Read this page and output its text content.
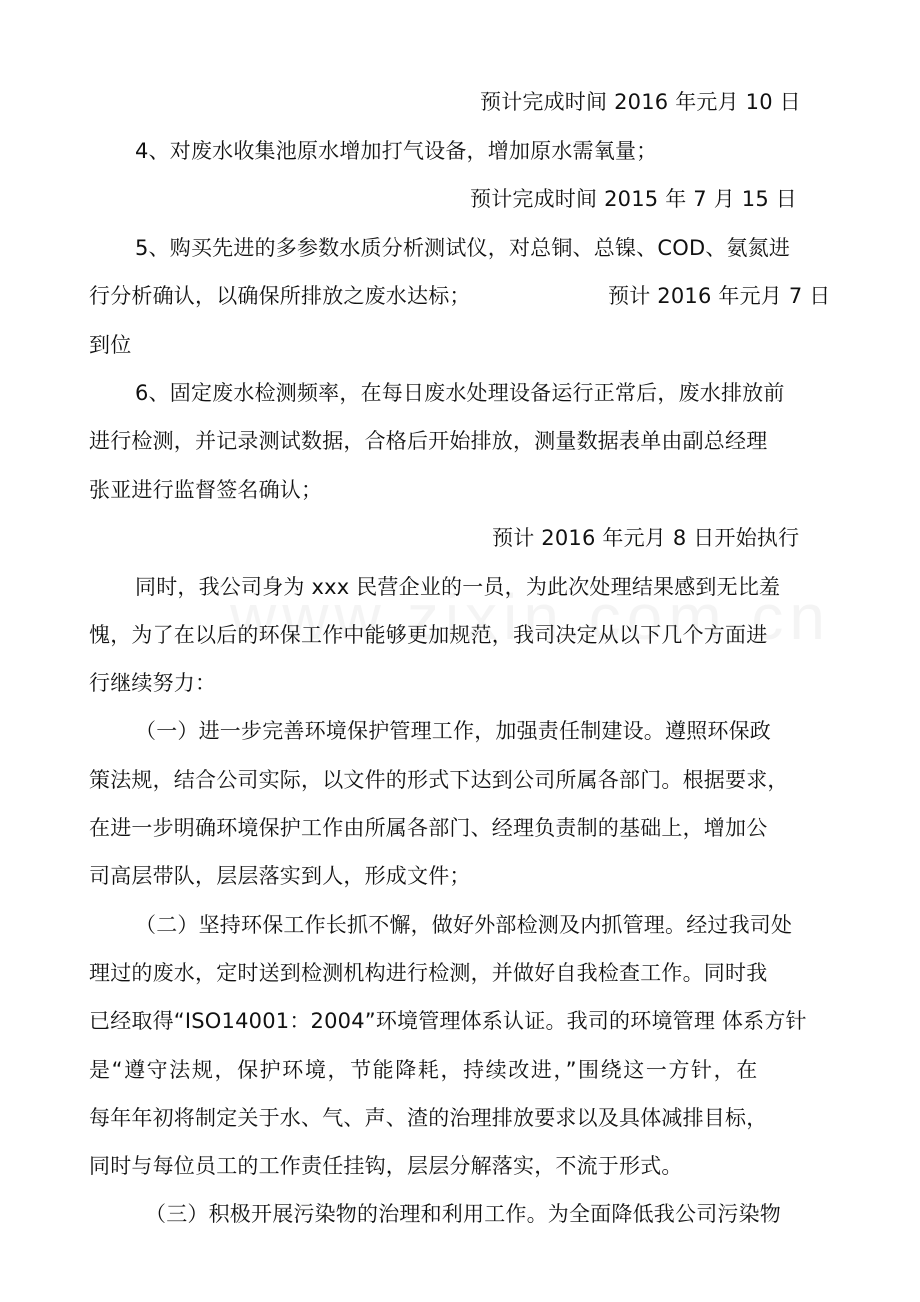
预计完成时间 2016 年元月 10 日
4、对废水收集池原水增加打气设备，增加原水需氧量；
预计完成时间 2015 年 7 月 15 日
5、购买先进的多参数水质分析测试仪，对总铜、总镍、COD、氨氮进
行分析确认，以确保所排放之废水达标；	预计 2016 年元月 7 日
到位
6、固定废水检测频率，在每日废水处理设备运行正常后，废水排放前
进行检测，并记录测试数据，合格后开始排放，测量数据表单由副总经理
张亚进行监督签名确认；
预计 2016 年元月 8 日开始执行
同时，我公司身为 xxx 民营企业的一员，为此次处理结果感到无比羞
愧，为了在以后的环保工作中能够更加规范，我司决定从以下几个方面进
行继续努力：
（一）进一步完善环境保护管理工作，加强责任制建设。遵照环保政
策法规，结合公司实际，以文件的形式下达到公司所属各部门。根据要求，
在进一步明确环境保护工作由所属各部门、经理负责制的基础上，增加公
司高层带队，层层落实到人，形成文件；
（二）坚持环保工作长抓不懈，做好外部检测及内抓管理。经过我司处
理过的废水，定时送到检测机构进行检测，并做好自我检查工作。同时我
已经取得“ISO14001：2004”环境管理体系认证。我司的环境管理 体系方针
是“遵守法规，保护环境，节能降耗，持续改进，”围绕这一方针，在
每年年初将制定关于水、气、声、渣的治理排放要求以及具体减排目标，
同时与每位员工的工作责任挂钩，层层分解落实，不流于形式。
（三）积极开展污染物的治理和利用工作。为全面降低我公司污染物
